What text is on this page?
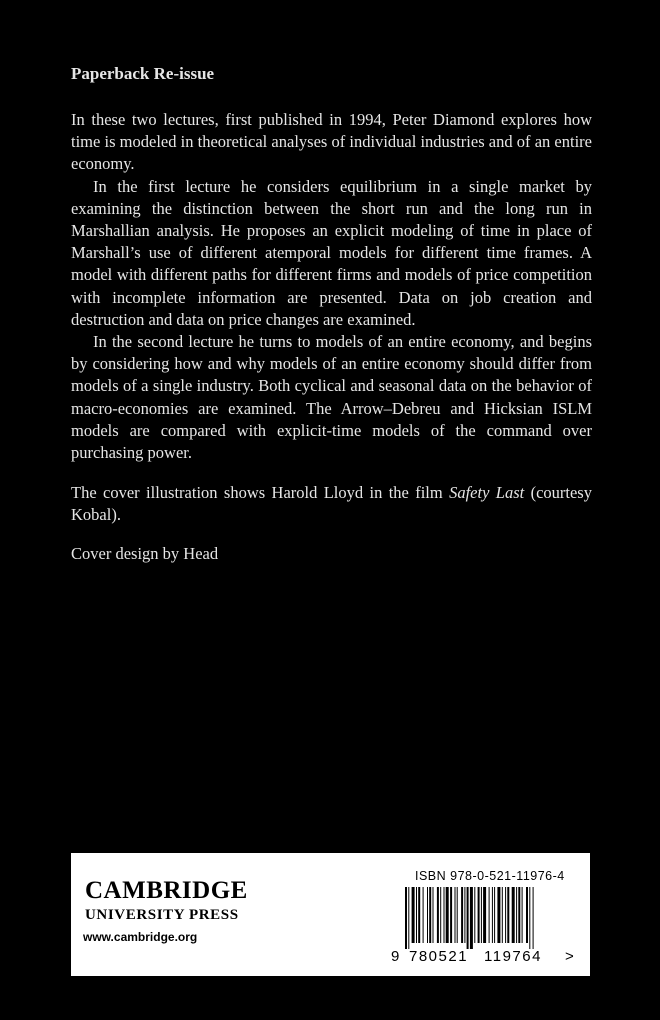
Paperback Re-issue

In these two lectures, first published in 1994, Peter Diamond explores how time is modeled in theoretical analyses of individual industries and of an entire economy.

In the first lecture he considers equilibrium in a single market by examining the distinction between the short run and the long run in Marshallian analysis. He proposes an explicit modeling of time in place of Marshall’s use of different atemporal models for different time frames. A model with different paths for different firms and models of price competition with incomplete information are presented. Data on job creation and destruction and data on price changes are examined.

In the second lecture he turns to models of an entire economy, and begins by considering how and why models of an entire economy should differ from models of a single industry. Both cyclical and seasonal data on the behavior of macro-economies are examined. The Arrow–Debreu and Hicksian ISLM models are compared with explicit-time models of the command over purchasing power.

The cover illustration shows Harold Lloyd in the film Safety Last (courtesy Kobal).

Cover design by Head

CAMBRIDGE
UNIVERSITY PRESS
www.cambridge.org
ISBN 978-0-521-11976-4
9 780521 119764 >
